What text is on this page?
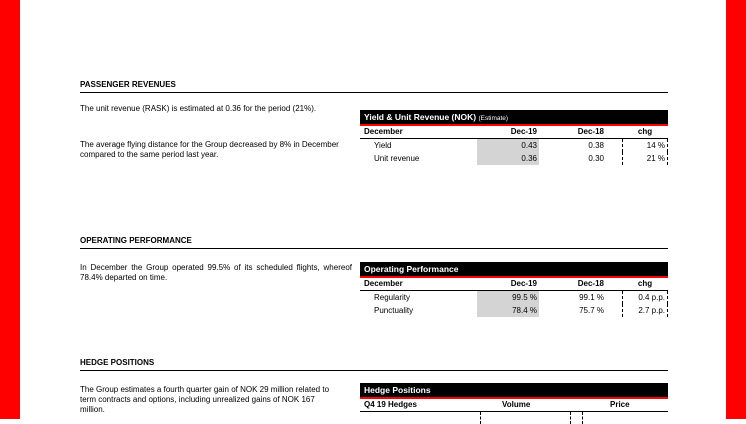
PASSENGER REVENUES

The unit revenue (RASK) is estimated at 0.36 for the period (21%).

The average flying distance for the Group decreased by 8% in December compared to the same period last year.

Yield & Unit Revenue (NOK) (Estimate)
December	Dec-19	Dec-18	chg
Yield	0.43	0.38	14 %
Unit revenue	0.36	0.30	21 %
OPERATING PERFORMANCE

In December the Group operated 99.5% of its scheduled flights, whereof 78.4% departed on time.

Operating Performance
December	Dec-19	Dec-18	chg
Regularity	99.5 %	99.1 %	0.4 p.p.
Punctuality	78.4 %	75.7 %	2.7 p.p.
HEDGE POSITIONS

The Group estimates a fourth quarter gain of NOK 29 million related to term contracts and options, including unrealized gains of NOK 167 million.

Hedge Positions
Q4 19 Hedges	Volume	Price
